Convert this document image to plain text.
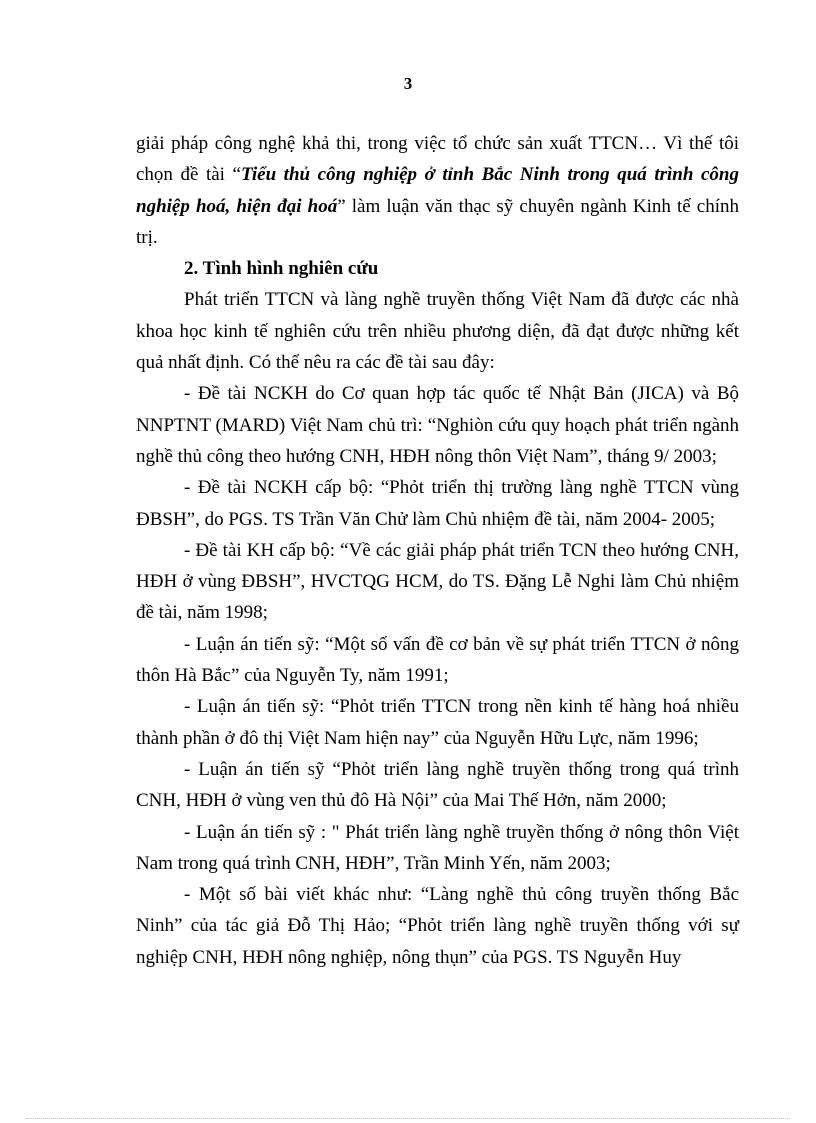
3

giải pháp công nghệ khả thi, trong việc tổ chức sản xuất TTCN… Vì thế tôi chọn đề tài “Tiểu thủ công nghiệp ở tỉnh Bắc Ninh trong quá trình công nghiệp hoá, hiện đại hoá” làm luận văn thạc sỹ chuyên ngành Kinh tế chính trị.

2. Tình hình nghiên cứu

Phát triển TTCN và làng nghề truyền thống Việt Nam đã được các nhà khoa học kinh tế nghiên cứu trên nhiều phương diện, đã đạt được những kết quả nhất định. Có thể nêu ra các đề tài sau đây:

- Đề tài NCKH do Cơ quan hợp tác quốc tế Nhật Bản (JICA) và Bộ NNPTNT (MARD) Việt Nam chủ trì: “Nghiòn cứu quy hoạch phát triển ngành nghề thủ công theo hướng CNH, HĐH nông thôn Việt Nam”, tháng 9/ 2003;

- Đề tài NCKH cấp bộ: “Phỏt triển thị trường làng nghề TTCN vùng ĐBSH”, do PGS. TS Trần Văn Chử làm Chủ nhiệm đề tài, năm 2004- 2005;

- Đề tài KH cấp bộ: “Về các giải pháp phát triển TCN theo hướng CNH, HĐH ở vùng ĐBSH”, HVCTQG HCM, do TS. Đặng Lễ Nghi làm Chủ nhiệm đề tài, năm 1998;

- Luận án tiến sỹ: “Một số vấn đề cơ bản về sự phát triển TTCN ở nông thôn Hà Bắc” của Nguyễn Ty, năm 1991;

- Luận án tiến sỹ: “Phỏt triển TTCN trong nền kinh tế hàng hoá nhiều thành phần ở đô thị Việt Nam hiện nay” của Nguyễn Hữu Lực, năm 1996;

- Luận án tiến sỹ “Phỏt triển làng nghề truyền thống trong quá trình CNH, HĐH ở vùng ven thủ đô Hà Nội” của Mai Thế Hởn, năm 2000;

- Luận án tiến sỹ : " Phát triển làng nghề truyền thống ở nông thôn Việt Nam trong quá trình CNH, HĐH”, Trần Minh Yến, năm 2003;

- Một số bài viết khác như: “Làng nghề thủ công truyền thống Bắc Ninh” của tác giả Đỗ Thị Hảo; “Phỏt triển làng nghề truyền thống với sự nghiệp CNH, HĐH nông nghiệp, nông thụn” của PGS. TS Nguyễn Huy
